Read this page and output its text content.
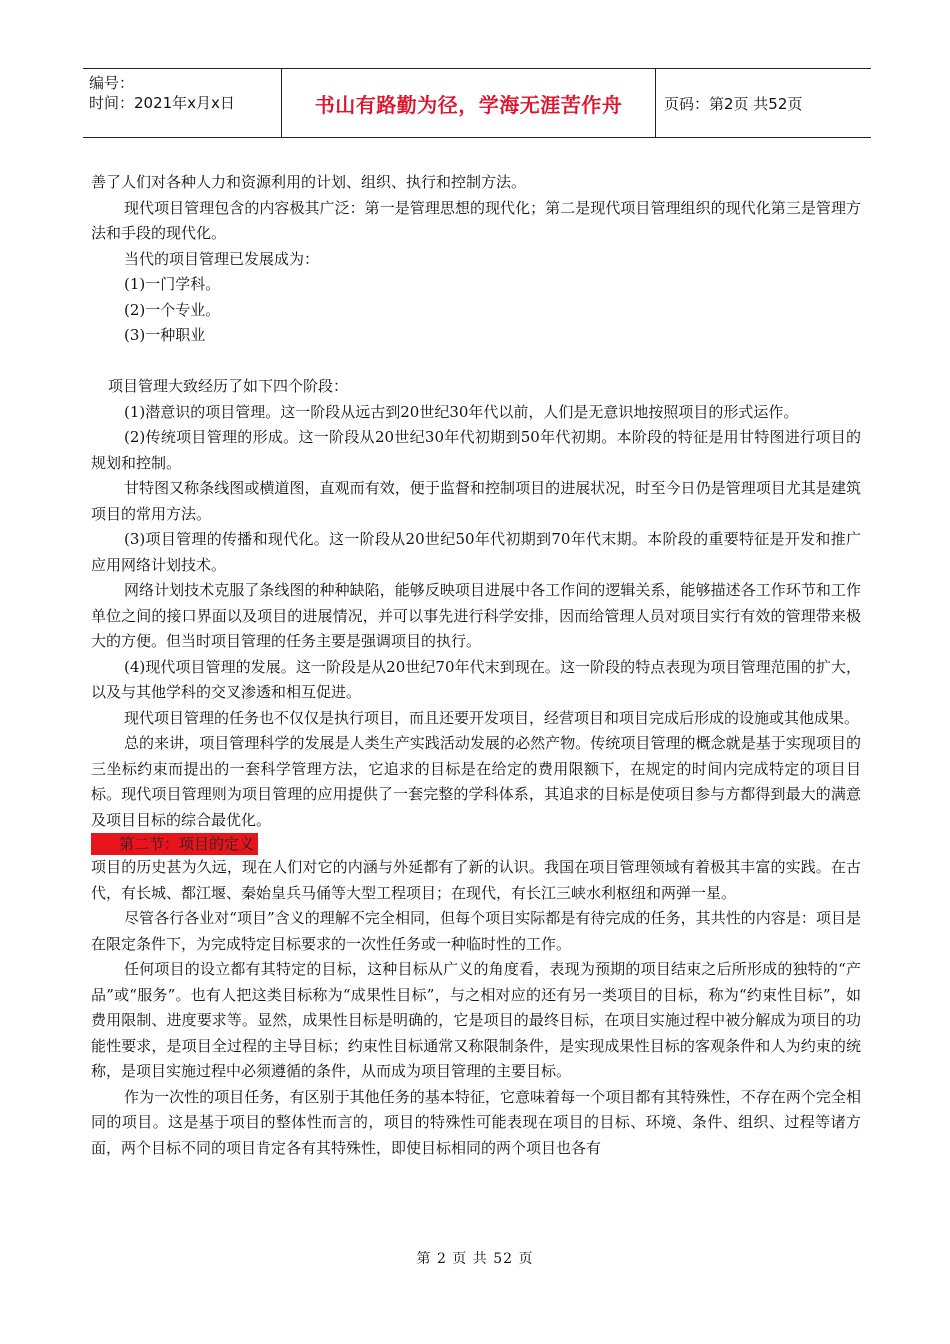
编号：
时间：2021年x月x日	书山有路勤为径，学海无涯苦作舟	页码：第2页 共52页

善了人们对各种人力和资源利用的计划、组织、执行和控制方法。

现代项目管理包含的内容极其广泛：第一是管理思想的现代化；第二是现代项目管理组织的现代化第三是管理方法和手段的现代化。

当代的项目管理已发展成为：

(1)一门学科。

(2)一个专业。

(3)一种职业

项目管理大致经历了如下四个阶段：

(1)潜意识的项目管理。这一阶段从远古到20世纪30年代以前，人们是无意识地按照项目的形式运作。

(2)传统项目管理的形成。这一阶段从20世纪30年代初期到50年代初期。本阶段的特征是用甘特图进行项目的规划和控制。

甘特图又称条线图或横道图，直观而有效，便于监督和控制项目的进展状况，时至今日仍是管理项目尤其是建筑项目的常用方法。

(3)项目管理的传播和现代化。这一阶段从20世纪50年代初期到70年代末期。本阶段的重要特征是开发和推广应用网络计划技术。

网络计划技术克服了条线图的种种缺陷，能够反映项目进展中各工作间的逻辑关系，能够描述各工作环节和工作单位之间的接口界面以及项目的进展情况，并可以事先进行科学安排，因而给管理人员对项目实行有效的管理带来极大的方便。但当时项目管理的任务主要是强调项目的执行。

(4)现代项目管理的发展。这一阶段是从20世纪70年代末到现在。这一阶段的特点表现为项目管理范围的扩大，以及与其他学科的交叉渗透和相互促进。

现代项目管理的任务也不仅仅是执行项目，而且还要开发项目，经营项目和项目完成后形成的设施或其他成果。

总的来讲，项目管理科学的发展是人类生产实践活动发展的必然产物。传统项目管理的概念就是基于实现项目的三坐标约束而提出的一套科学管理方法，它追求的目标是在给定的费用限额下，在规定的时间内完成特定的项目目标。现代项目管理则为项目管理的应用提供了一套完整的学科体系，其追求的目标是使项目参与方都得到最大的满意及项目目标的综合最优化。

第二节：项目的定义

项目的历史甚为久远，现在人们对它的内涵与外延都有了新的认识。我国在项目管理领域有着极其丰富的实践。在古代，有长城、都江堰、秦始皇兵马俑等大型工程项目；在现代，有长江三峡水利枢纽和两弹一星。

尽管各行各业对“项目”含义的理解不完全相同，但每个项目实际都是有待完成的任务，其共性的内容是：项目是在限定条件下，为完成特定目标要求的一次性任务或一种临时性的工作。

任何项目的设立都有其特定的目标，这种目标从广义的角度看，表现为预期的项目结束之后所形成的独特的“产品”或“服务”。也有人把这类目标称为“成果性目标”，与之相对应的还有另一类项目的目标，称为“约束性目标”，如费用限制、进度要求等。显然，成果性目标是明确的，它是项目的最终目标，在项目实施过程中被分解成为项目的功能性要求，是项目全过程的主导目标；约束性目标通常又称限制条件，是实现成果性目标的客观条件和人为约束的统称，是项目实施过程中必须遵循的条件，从而成为项目管理的主要目标。

作为一次性的项目任务，有区别于其他任务的基本特征，它意味着每一个项目都有其特殊性，不存在两个完全相同的项目。这是基于项目的整体性而言的，项目的特殊性可能表现在项目的目标、环境、条件、组织、过程等诸方面，两个目标不同的项目肯定各有其特殊性，即使目标相同的两个项目也各有

第 2 页 共 52 页
